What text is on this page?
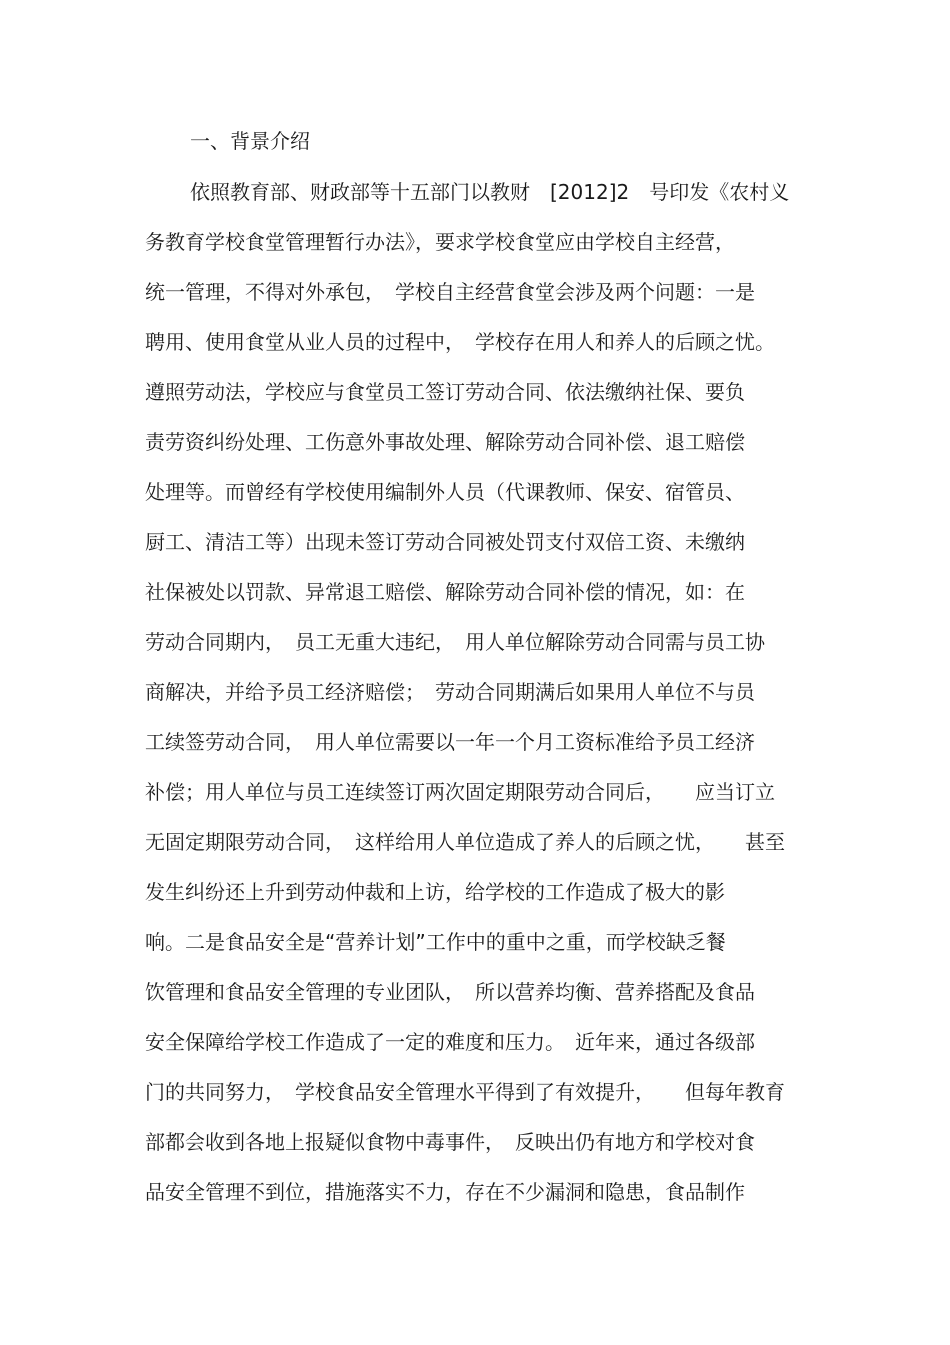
一、背景介绍
依照教育部、财政部等十五部门以教财　[2012]2　号印发《农村义
务教育学校食堂管理暂行办法》，要求学校食堂应由学校自主经营，
统一管理，不得对外承包，　学校自主经营食堂会涉及两个问题：一是
聘用、使用食堂从业人员的过程中，　学校存在用人和养人的后顾之忧。
遵照劳动法，学校应与食堂员工签订劳动合同、依法缴纳社保、要负
责劳资纠纷处理、工伤意外事故处理、解除劳动合同补偿、退工赔偿
处理等。而曾经有学校使用编制外人员（代课教师、保安、宿管员、
厨工、清洁工等）出现未签订劳动合同被处罚支付双倍工资、未缴纳
社保被处以罚款、异常退工赔偿、解除劳动合同补偿的情况，如：在
劳动合同期内，　员工无重大违纪，　用人单位解除劳动合同需与员工协
商解决，并给予员工经济赔偿；　劳动合同期满后如果用人单位不与员
工续签劳动合同，　用人单位需要以一年一个月工资标准给予员工经济
补偿；用人单位与员工连续签订两次固定期限劳动合同后，　　应当订立
无固定期限劳动合同，　这样给用人单位造成了养人的后顾之忧，　　甚至
发生纠纷还上升到劳动仲裁和上访，给学校的工作造成了极大的影
响。二是食品安全是“营养计划”工作中的重中之重，而学校缺乏餐
饮管理和食品安全管理的专业团队，　所以营养均衡、营养搭配及食品
安全保障给学校工作造成了一定的难度和压力。　近年来，通过各级部
门的共同努力，　学校食品安全管理水平得到了有效提升，　　但每年教育
部都会收到各地上报疑似食物中毒事件，　反映出仍有地方和学校对食
品安全管理不到位，措施落实不力，存在不少漏洞和隐患，食品制作
